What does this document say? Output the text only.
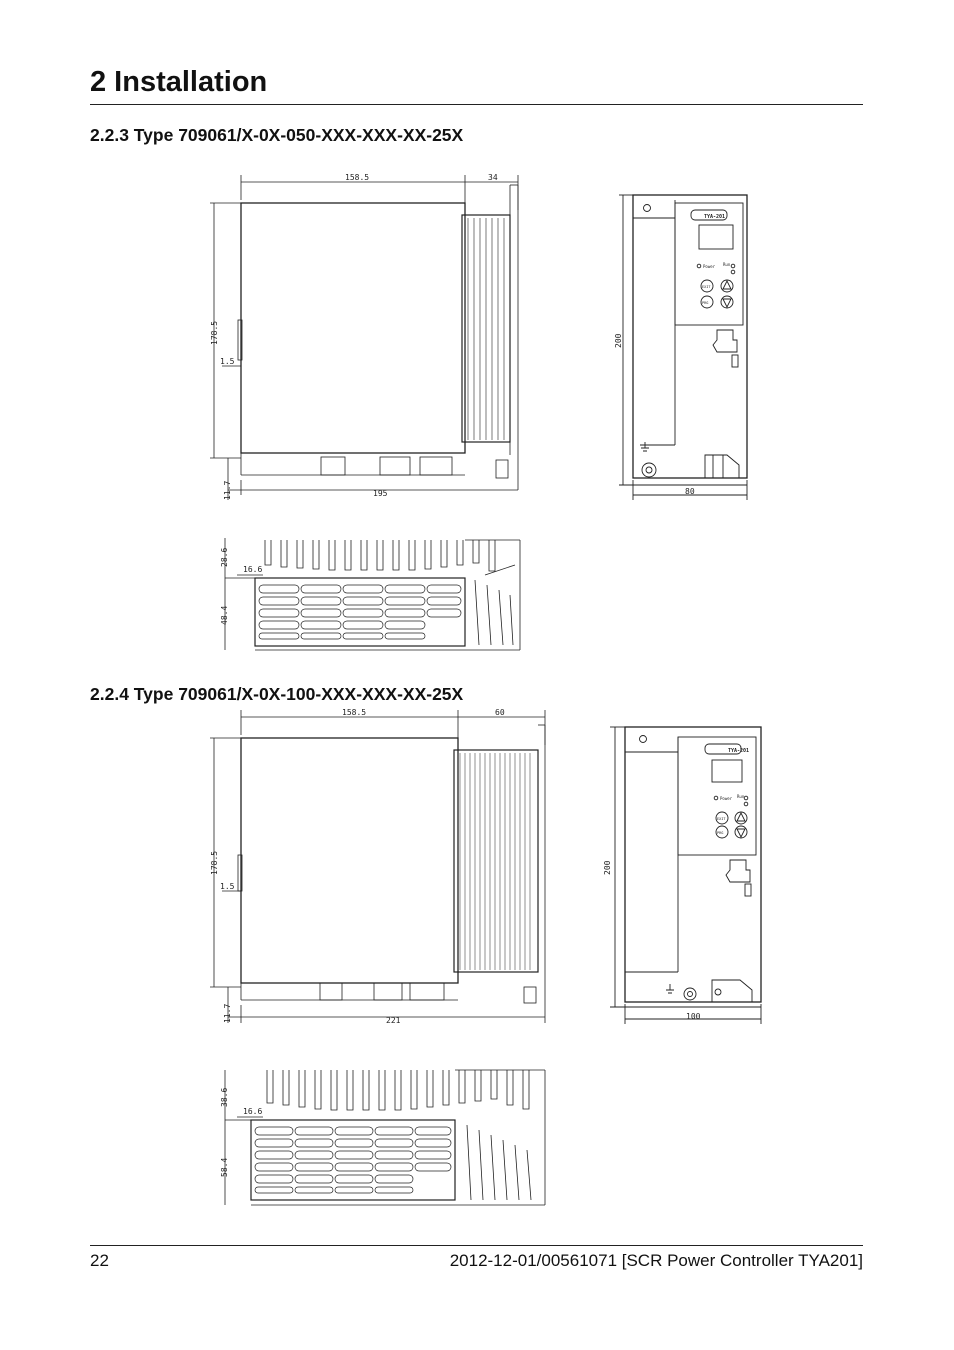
2 Installation
2.2.3 Type 709061/X-0X-050-XXX-XXX-XX-25X
2.2.4 Type 709061/X-0X-100-XXX-XXX-XX-25X
158.5	34
178.5
1.5
11.7	195
TYA-201
Power Run
EXIT
PRG
200
80
28.6
16.6
48.4
158.5	60
178.5
1.5
11.7	221
TYA-201
Power Run
EXIT
PRG
200
100
38.6
16.6
58.4
22	2012-12-01/00561071 [SCR Power Controller TYA201]
